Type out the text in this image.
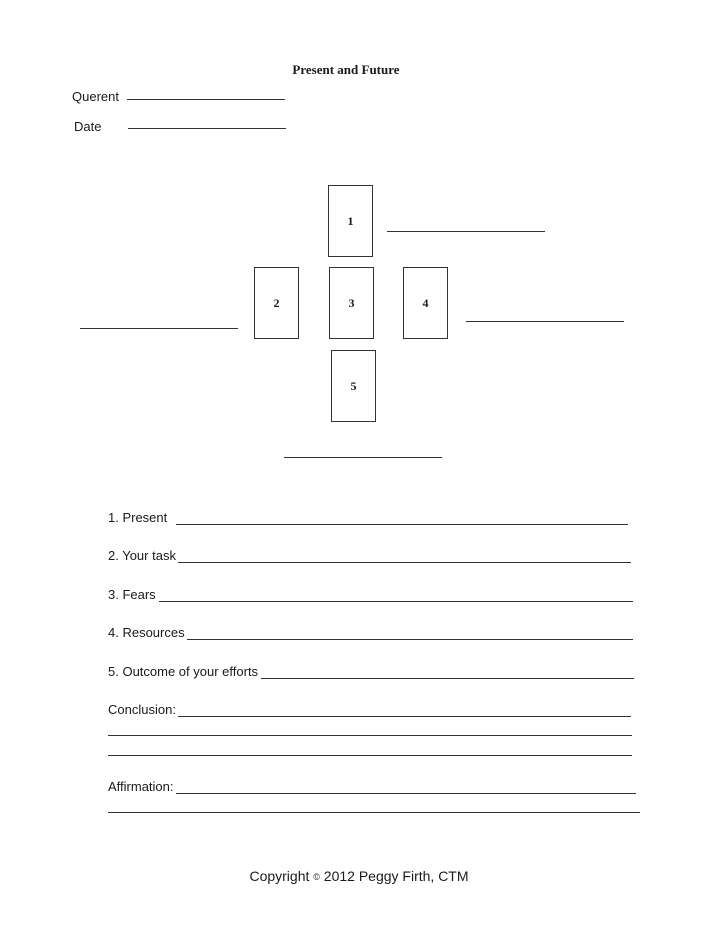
Present and Future
Querent
Date
1
2	3	4
5
1. Present
2. Your task
3. Fears
4. Resources
5. Outcome of your efforts
Conclusion:
Affirmation:
Copyright © 2012 Peggy Firth, CTM
